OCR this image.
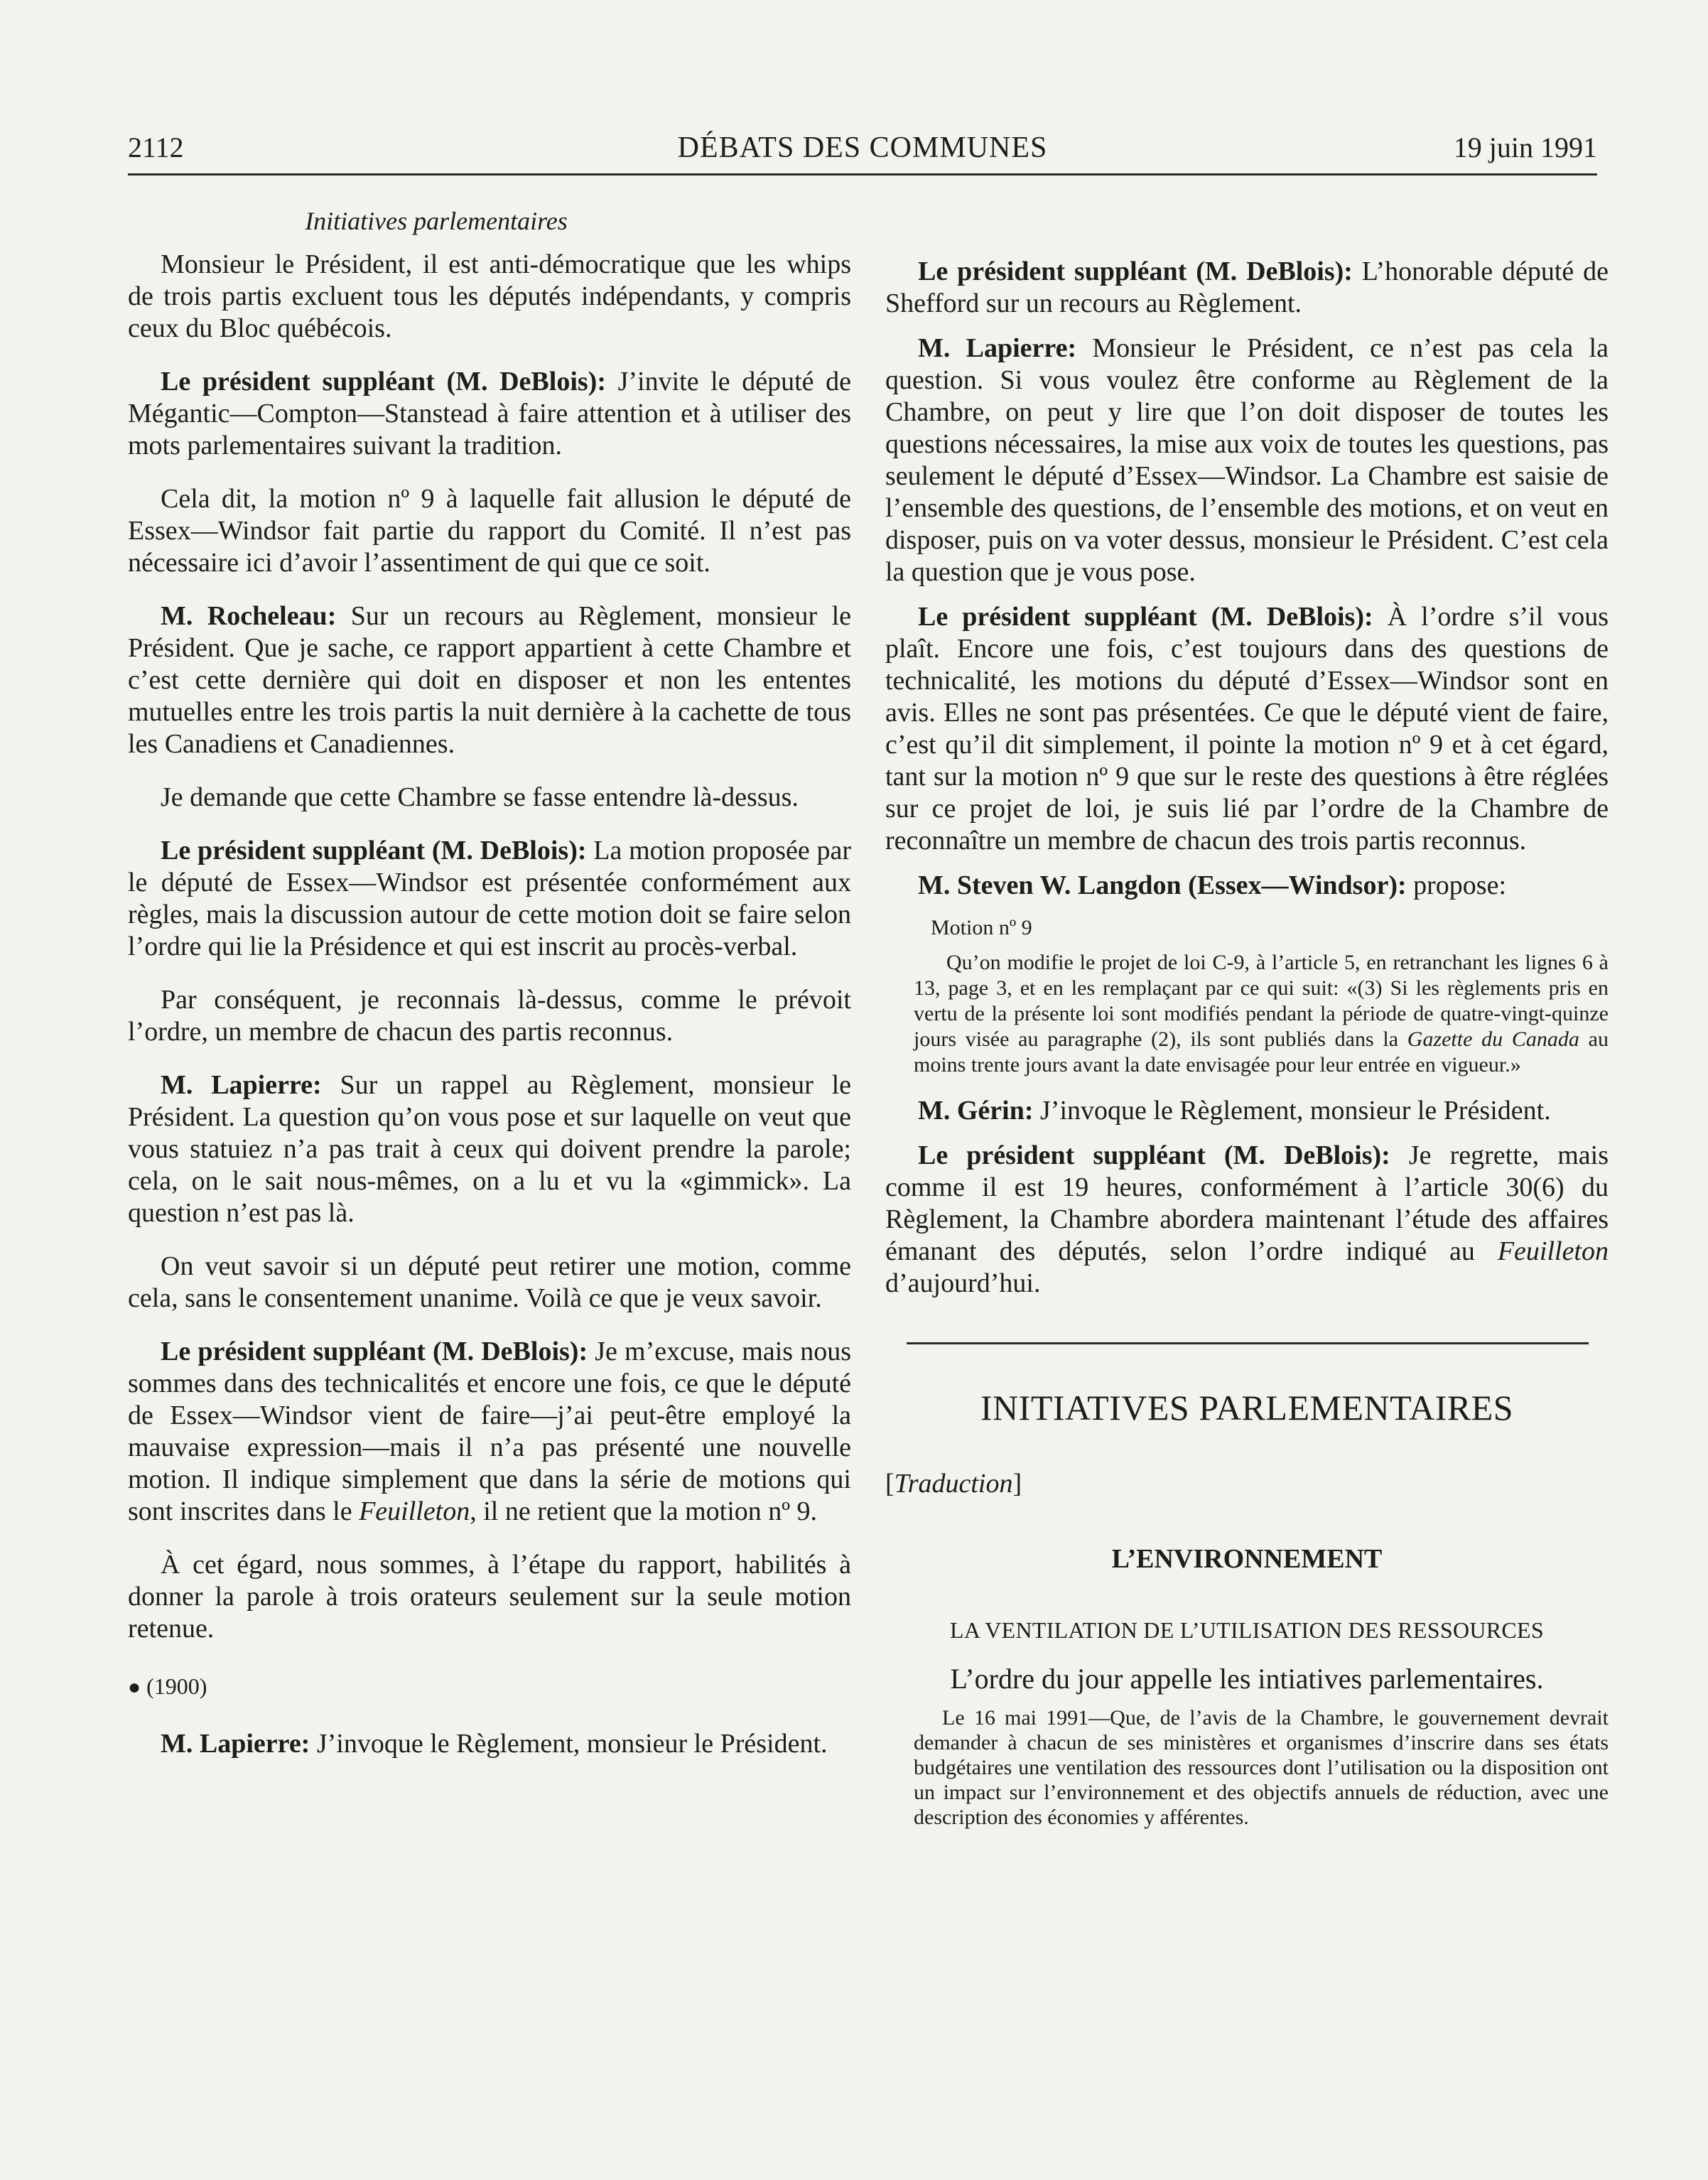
2112	DÉBATS DES COMMUNES	19 juin 1991
Initiatives parlementaires

Monsieur le Président, il est anti-démocratique que les whips de trois partis excluent tous les députés indépendants, y compris ceux du Bloc québécois.

Le président suppléant (M. DeBlois): J’invite le député de Mégantic—Compton—Stanstead à faire attention et à utiliser des mots parlementaires suivant la tradition.

Cela dit, la motion nº 9 à laquelle fait allusion le député de Essex—Windsor fait partie du rapport du Comité. Il n’est pas nécessaire ici d’avoir l’assentiment de qui que ce soit.

M. Rocheleau: Sur un recours au Règlement, monsieur le Président. Que je sache, ce rapport appartient à cette Chambre et c’est cette dernière qui doit en disposer et non les ententes mutuelles entre les trois partis la nuit dernière à la cachette de tous les Canadiens et Canadiennes.

Je demande que cette Chambre se fasse entendre là-dessus.

Le président suppléant (M. DeBlois): La motion proposée par le député de Essex—Windsor est présentée conformément aux règles, mais la discussion autour de cette motion doit se faire selon l’ordre qui lie la Présidence et qui est inscrit au procès-verbal.

Par conséquent, je reconnais là-dessus, comme le prévoit l’ordre, un membre de chacun des partis reconnus.

M. Lapierre: Sur un rappel au Règlement, monsieur le Président. La question qu’on vous pose et sur laquelle on veut que vous statuiez n’a pas trait à ceux qui doivent prendre la parole; cela, on le sait nous-mêmes, on a lu et vu la «gimmick». La question n’est pas là.

On veut savoir si un député peut retirer une motion, comme cela, sans le consentement unanime. Voilà ce que je veux savoir.

Le président suppléant (M. DeBlois): Je m’excuse, mais nous sommes dans des technicalités et encore une fois, ce que le député de Essex—Windsor vient de faire—j’ai peut-être employé la mauvaise expression—mais il n’a pas présenté une nouvelle motion. Il indique simplement que dans la série de motions qui sont inscrites dans le Feuilleton, il ne retient que la motion nº 9.

À cet égard, nous sommes, à l’étape du rapport, habilités à donner la parole à trois orateurs seulement sur la seule motion retenue.

● (1900)

M. Lapierre: J’invoque le Règlement, monsieur le Président.

Le président suppléant (M. DeBlois): L’honorable député de Shefford sur un recours au Règlement.

M. Lapierre: Monsieur le Président, ce n’est pas cela la question. Si vous voulez être conforme au Règlement de la Chambre, on peut y lire que l’on doit disposer de toutes les questions nécessaires, la mise aux voix de toutes les questions, pas seulement le député d’Essex—Windsor. La Chambre est saisie de l’ensemble des questions, de l’ensemble des motions, et on veut en disposer, puis on va voter dessus, monsieur le Président. C’est cela la question que je vous pose.

Le président suppléant (M. DeBlois): À l’ordre s’il vous plaît. Encore une fois, c’est toujours dans des questions de technicalité, les motions du député d’Essex—Windsor sont en avis. Elles ne sont pas présentées. Ce que le député vient de faire, c’est qu’il dit simplement, il pointe la motion nº 9 et à cet égard, tant sur la motion nº 9 que sur le reste des questions à être réglées sur ce projet de loi, je suis lié par l’ordre de la Chambre de reconnaître un membre de chacun des trois partis reconnus.

M. Steven W. Langdon (Essex—Windsor): propose:

Motion nº 9
Qu’on modifie le projet de loi C-9, à l’article 5, en retranchant les lignes 6 à 13, page 3, et en les remplaçant par ce qui suit: «(3) Si les règlements pris en vertu de la présente loi sont modifiés pendant la période de quatre-vingt-quinze jours visée au paragraphe (2), ils sont publiés dans la Gazette du Canada au moins trente jours avant la date envisagée pour leur entrée en vigueur.»

M. Gérin: J’invoque le Règlement, monsieur le Président.

Le président suppléant (M. DeBlois): Je regrette, mais comme il est 19 heures, conformément à l’article 30(6) du Règlement, la Chambre abordera maintenant l’étude des affaires émanant des députés, selon l’ordre indiqué au Feuilleton d’aujourd’hui.

INITIATIVES PARLEMENTAIRES
[Traduction]
L’ENVIRONNEMENT
LA VENTILATION DE L’UTILISATION DES RESSOURCES
L’ordre du jour appelle les intiatives parlementaires.
Le 16 mai 1991—Que, de l’avis de la Chambre, le gouvernement devrait demander à chacun de ses ministères et organismes d’inscrire dans ses états budgétaires une ventilation des ressources dont l’utilisation ou la disposition ont un impact sur l’environnement et des objectifs annuels de réduction, avec une description des économies y afférentes.
